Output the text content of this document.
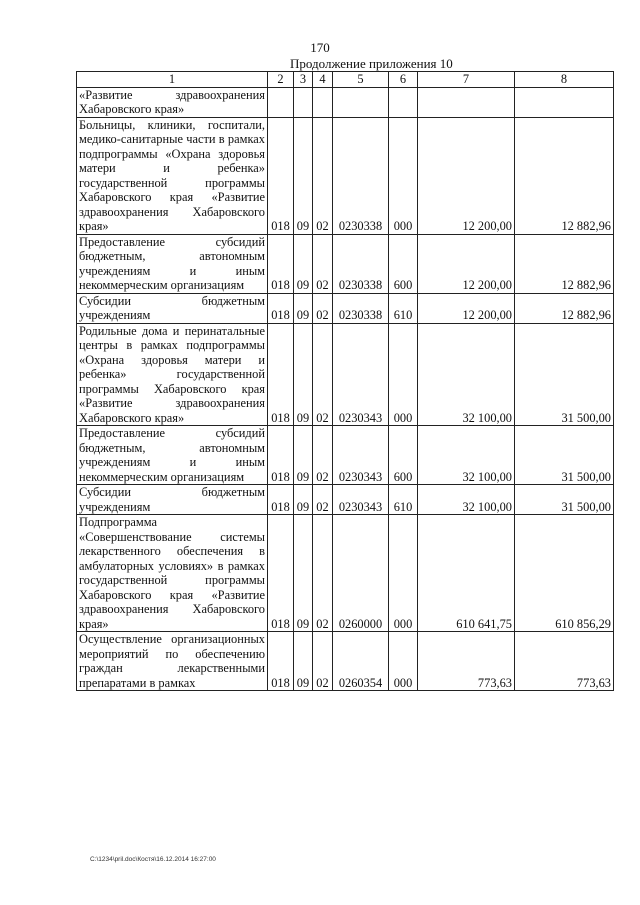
170
Продолжение приложения 10
1	2	3	4	5	6	7	8
«Развитие здравоохранения Хабаровского края»							
Больницы, клиники, госпитали, медико-санитарные части в рамках подпрограммы «Охрана здоровья матери и ребенка» государственной программы Хабаровского края «Развитие здравоохранения Хабаровского края»	018	09	02	0230338	000	12 200,00	12 882,96
Предоставление субсидий бюджетным, автономным учреждениям и иным некоммерческим организациям	018	09	02	0230338	600	12 200,00	12 882,96
Субсидии бюджетным учреждениям	018	09	02	0230338	610	12 200,00	12 882,96
Родильные дома и перинатальные центры в рамках подпрограммы «Охрана здоровья матери и ребенка» государственной программы Хабаровского края «Развитие здравоохранения Хабаровского края»	018	09	02	0230343	000	32 100,00	31 500,00
Предоставление субсидий бюджетным, автономным учреждениям и иным некоммерческим организациям	018	09	02	0230343	600	32 100,00	31 500,00
Субсидии бюджетным учреждениям	018	09	02	0230343	610	32 100,00	31 500,00
Подпрограмма «Совершенствование системы лекарственного обеспечения в амбулаторных условиях» в рамках государственной программы Хабаровского края «Развитие здравоохранения Хабаровского края»	018	09	02	0260000	000	610 641,75	610 856,29
Осуществление организационных мероприятий по обеспечению граждан лекарственными препаратами в рамках	018	09	02	0260354	000	773,63	773,63
C:\1234\pril.doc\Костя\16.12.2014 16:27:00
